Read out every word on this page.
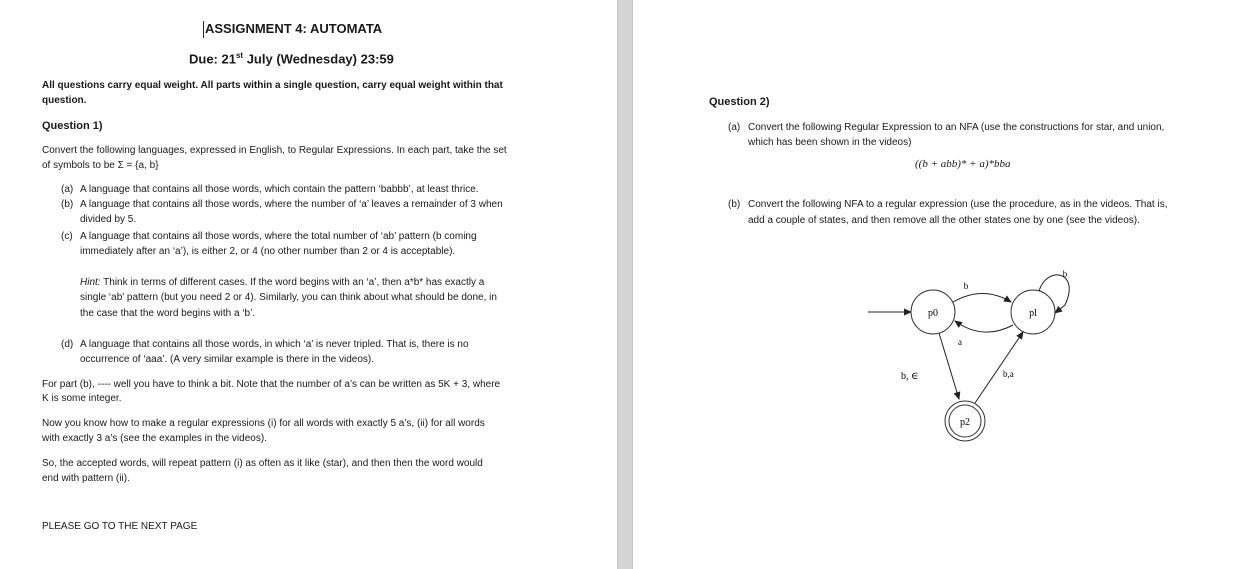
ASSIGNMENT 4: AUTOMATA
Due: 21st July (Wednesday) 23:59
All questions carry equal weight. All parts within a single question, carry equal weight within that
question.
Question 1)
Convert the following languages, expressed in English, to Regular Expressions. In each part, take the set
of symbols to be Σ = {a, b}
(a) A language that contains all those words, which contain the pattern ‘babbb’, at least thrice.
(b) A language that contains all those words, where the number of ‘a’ leaves a remainder of 3 when
divided by 5.
(c) A language that contains all those words, where the total number of ‘ab’ pattern (b coming
immediately after an ‘a’), is either 2, or 4 (no other number than 2 or 4 is acceptable).
Hint: Think in terms of different cases. If the word begins with an ‘a’, then a*b* has exactly a
single ‘ab’ pattern (but you need 2 or 4). Similarly, you can think about what should be done, in
the case that the word begins with a ‘b’.
(d) A language that contains all those words, in which ‘a’ is never tripled. That is, there is no
occurrence of ‘aaa’. (A very similar example is there in the videos).
For part (b), ---- well you have to think a bit. Note that the number of a’s can be written as 5K + 3, where
K is some integer.
Now you know how to make a regular expressions (i) for all words with exactly 5 a’s, (ii) for all words
with exactly 3 a’s (see the examples in the videos).
So, the accepted words, will repeat pattern (i) as often as it like (star), and then then the word would
end with pattern (ii).
PLEASE GO TO THE NEXT PAGE
Question 2)
(a) Convert the following Regular Expression to an NFA (use the constructions for star, and union,
which has been shown in the videos)
((b + abb)* + a)*bba
(b) Convert the following NFA to a regular expression (use the procedure, as in the videos. That is,
add a couple of states, and then remove all the other states one by one (see the videos).
p0	pl
p2
b
a
b
b, ∈	b,a
